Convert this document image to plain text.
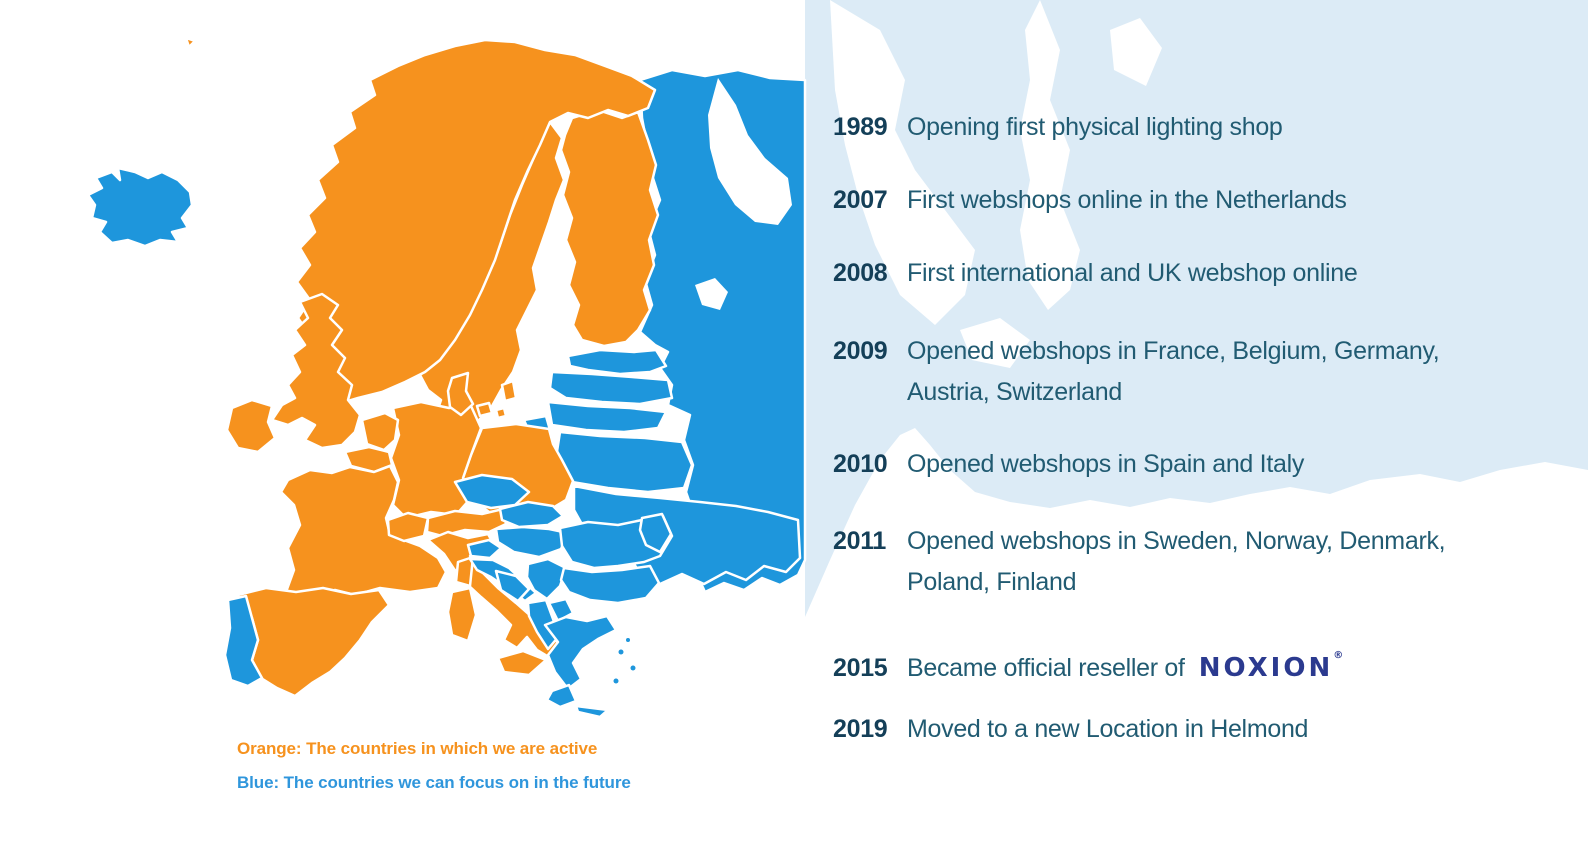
1989 Opening first physical lighting shop
2007 First webshops online in the Netherlands
2008 First international and UK webshop online
2009 Opened webshops in France, Belgium, Germany,
Austria, Switzerland
2010 Opened webshops in Spain and Italy
2011 Opened webshops in Sweden, Norway, Denmark,
Poland, Finland
2015 Became official reseller of NOXION®
2019 Moved to a new Location in Helmond
Orange: The countries in which we are active
Blue: The countries we can focus on in the future
